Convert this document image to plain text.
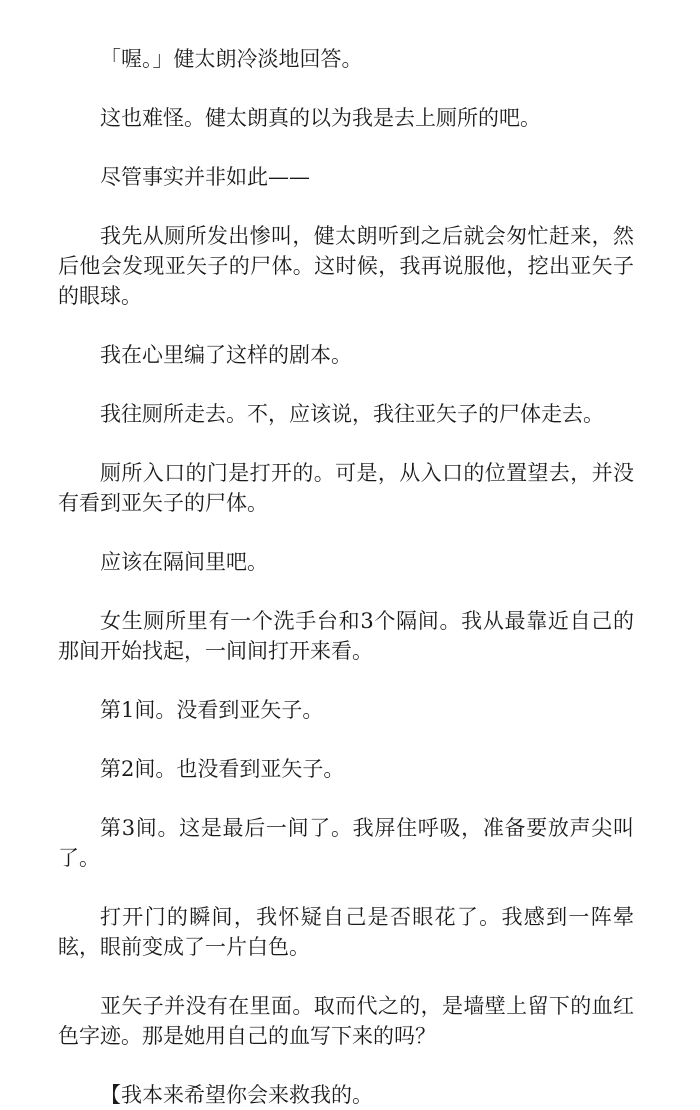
「喔。」健太朗冷淡地回答。

这也难怪。健太朗真的以为我是去上厕所的吧。

尽管事实并非如此——

我先从厕所发出惨叫，健太朗听到之后就会匆忙赶来，然后他会发现亚矢子的尸体。这时候，我再说服他，挖出亚矢子的眼球。

我在心里编了这样的剧本。

我往厕所走去。不，应该说，我往亚矢子的尸体走去。

厕所入口的门是打开的。可是，从入口的位置望去，并没有看到亚矢子的尸体。

应该在隔间里吧。

女生厕所里有一个洗手台和3个隔间。我从最靠近自己的那间开始找起，一间间打开来看。

第1间。没看到亚矢子。

第2间。也没看到亚矢子。

第3间。这是最后一间了。我屏住呼吸，准备要放声尖叫了。

打开门的瞬间，我怀疑自己是否眼花了。我感到一阵晕眩，眼前变成了一片白色。

亚矢子并没有在里面。取而代之的，是墙壁上留下的血红色字迹。那是她用自己的血写下来的吗？

【我本来希望你会来救我的。
